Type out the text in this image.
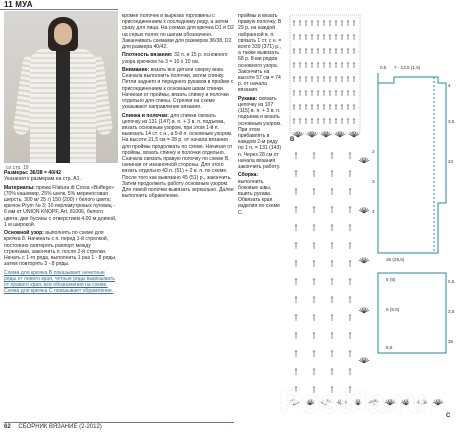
11 МУА
со.стр. 18

Размеры: 36/38 = 40/42
Указания к размерам на стр. А1.

Материалы: пряжа Filatura di Crosa «Buffego» (70% кашемир, 25% шелк, 5% мериносовая шерсть, 300 м/ 25 г) 150 (200) г белого цвета; крючок Prym № 3; 10 перламутровых пуговиц - 6 мм от UNION KNOPF, Art. 81006, белого цвета; две бусины с отверстием 4,00 м длиной, 1 м широкой.

Основной узор: выполнять по схеме для крючка 8. Начинать с п. перед 1-й стрелкой, постоянно повторять раппорт между стрелками, закончить п. после 2-й стрелки. Начать с 1-го ряда, выполнить 1 раз 1 - 8 ряды, затем повторять 3 - 8 ряды.

Схема для крючка В показывает нечетные ряды от левого края, четные ряды вывязывать от правого края, все обозначения на схеме. Схема для крючка С показывает обрамление.

кромке полочек и вырезах горловины с присоединением к последнему ряду, а затем сразу для лица. На схемах для крючка D1 и D2 на серых полях по шагам обозначено. Заканчивать схемами для размеров 36/38, D2 для размера 40/42.

Плотность вязания: 32 п. и 15 р. основного узора крючком № 3 = 10 х 10 см.

Внимание: вязать все детали сверху вниз. Сначала выполнить полочки, затем спинку. Петли заднего и переднего рукавов в пройме с присоединением к основным швам спинки. Начиная от проймы, вязать спинку и полочки отдельно для спины. Стрелки на схеме указывают направление вязания.

Спинка и полочки: для спинки связать цепочку из 131 (147) в. п. + 3 в. п. подъема, вязать основным узором, при этом 1-й п. вывязать 14 ст. с н., а 5-й п. основным узором. На высоте 21,5 см = 28 р. от начала вязания для проймы продолжать по схеме. Начиная от проймы, вязать спинку и полочки отдельно. Сначала связать правую полочку по схеме В, начиная от изнаночной стороны. Для этого вязать отдельно 43 п. (51) + 2 в. п. по схеме. После того как вывязано 45 (51) р., закончить. Затем продолжить работу основным узором. Для левой полочки вывязать зеркально. Далее выполнить обрамление.

проймы и вязать правую полочку. В 29 р. на каждой набранной в. п. связать 1 ст. с н. = всего 339 (371) р., а также вывязать 68 р. 8-ми рядов основного узора. Закончить на высоте 57 см = 74 р. от начала вязания.

Рукава: связать цепочку из 107 (115) в. п. + 3 в. п. подъема и вязать основным узором. При этом прибавлять в каждом 2-м ряду по 1 п. = 131 (143) п. Через 28 см от начала вязания закончить работу.

Сборка: выполнить боковые швы, вшить рукава. Обвязать края изделия по схеме С.

0,5 7 - 13,5 (1,5)
4
3,5
24
26 (28,5)
2
3
4
5 (5)	0,5
5 (5,5)	3,5
26
8,5
B
C
62 СБОРНИК ВЯЗАНИЕ (2-2012)
Postila.ru
